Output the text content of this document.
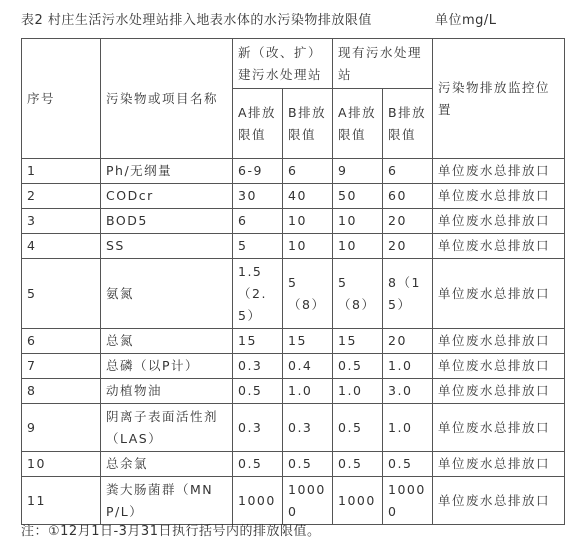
表2 村庄生活污水处理站排入地表水体的水污染物排放限值	单位mg/L
序号	污染物或项目名称	新（改、扩）建污水处理站		现有污水处理站		污染物排放监控位置
		A排放限值	B排放限值	A排放限值	B排放限值	
1	Ph/无纲量	6-9	6	9	6	单位废水总排放口
2	CODcr	30	40	50	60	单位废水总排放口
3	BOD5	6	10	10	20	单位废水总排放口
4	SS	5	10	10	20	单位废水总排放口
5	氨氮	1.5（2.5）	5（8）	5（8）	8（15）	单位废水总排放口
6	总氮	15	15	15	20	单位废水总排放口
7	总磷（以P计）	0.3	0.4	0.5	1.0	单位废水总排放口
8	动植物油	0.5	1.0	1.0	3.0	单位废水总排放口
9	阴离子表面活性剂（LAS）	0.3	0.3	0.5	1.0	单位废水总排放口
10	总余氯	0.5	0.5	0.5	0.5	单位废水总排放口
11	粪大肠菌群（MNP/L）	1000	10000	1000	10000	单位废水总排放口
注：①12月1日-3月31日执行括号内的排放限值。
